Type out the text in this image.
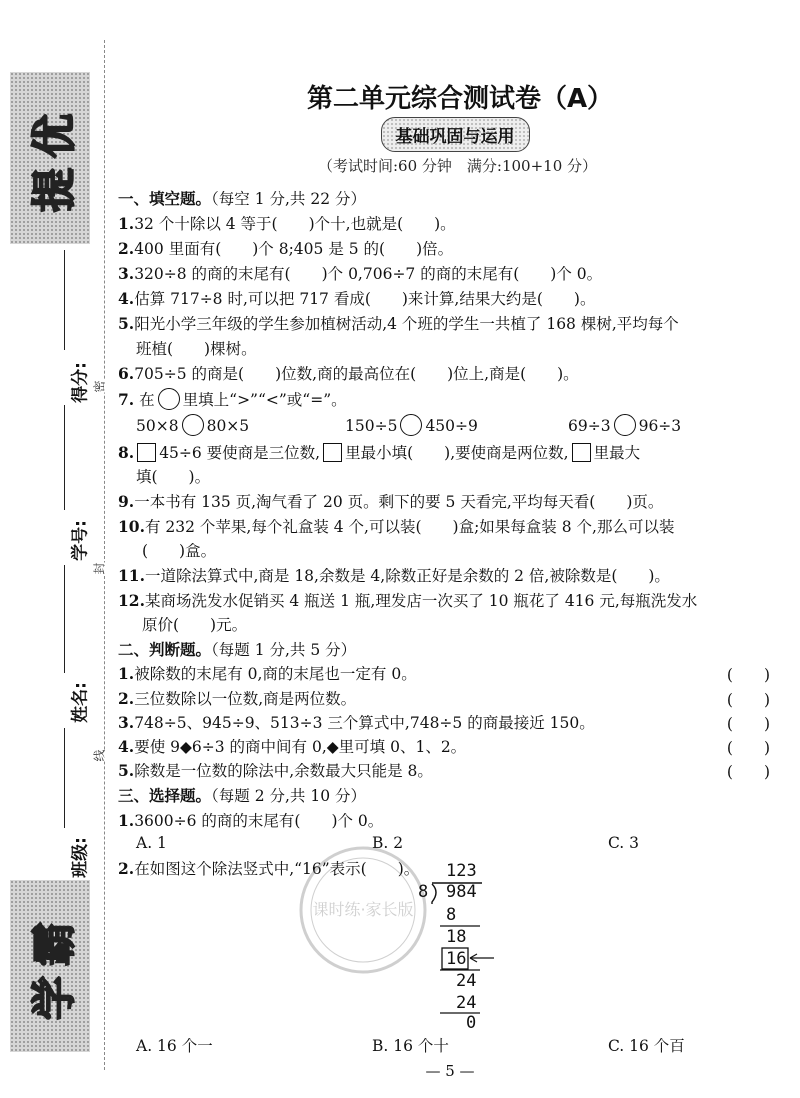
提优
得分:
学号:
姓名:
班级:
学霸
密
封
线
第二单元综合测试卷（A）
基础巩固与运用
（考试时间:60 分钟　满分:100+10 分）
一、填空题。（每空 1 分,共 22 分）
1.32 个十除以 4 等于(　　)个十,也就是(　　)。
2.400 里面有(　　)个 8;405 是 5 的(　　)倍。
3.320÷8 的商的末尾有(　　)个 0,706÷7 的商的末尾有(　　)个 0。
4.估算 717÷8 时,可以把 717 看成(　　)来计算,结果大约是(　　)。
5.阳光小学三年级的学生参加植树活动,4 个班的学生一共植了 168 棵树,平均每个
班植(　　)棵树。
6.705÷5 的商是(　　)位数,商的最高位在(　　)位上,商是(　　)。
7. 在 里填上“>”“<”或“=”。
50×8 80×5	150÷5 450÷9	69÷3 96÷3
8. 45÷6 要使商是三位数, 里最小填(　　),要使商是两位数, 里最大
填(　　)。
9.一本书有 135 页,淘气看了 20 页。剩下的要 5 天看完,平均每天看(　　)页。
10.有 232 个苹果,每个礼盒装 4 个,可以装(　　)盒;如果每盒装 8 个,那么可以装
(　　)盒。
11.一道除法算式中,商是 18,余数是 4,除数正好是余数的 2 倍,被除数是(　　)。
12.某商场洗发水促销买 4 瓶送 1 瓶,理发店一次买了 10 瓶花了 416 元,每瓶洗发水
原价(　　)元。
二、判断题。（每题 1 分,共 5 分）
1.被除数的末尾有 0,商的末尾也一定有 0。	(　　)
2.三位数除以一位数,商是两位数。	(　　)
3.748÷5、945÷9、513÷3 三个算式中,748÷5 的商最接近 150。	(　　)
4.要使 9◆6÷3 的商中间有 0,◆里可填 0、1、2。	(　　)
5.除数是一位数的除法中,余数最大只能是 8。	(　　)
三、选择题。（每题 2 分,共 10 分）
1.3600÷6 的商的末尾有(　　)个 0。
A. 1	B. 2	C. 3
2.在如图这个除法竖式中,“16”表示(　　)。
课时练·家长版
123
8 984
8
18
16
24
24
0
A. 16 个一	B. 16 个十	C. 16 个百
— 5 —
